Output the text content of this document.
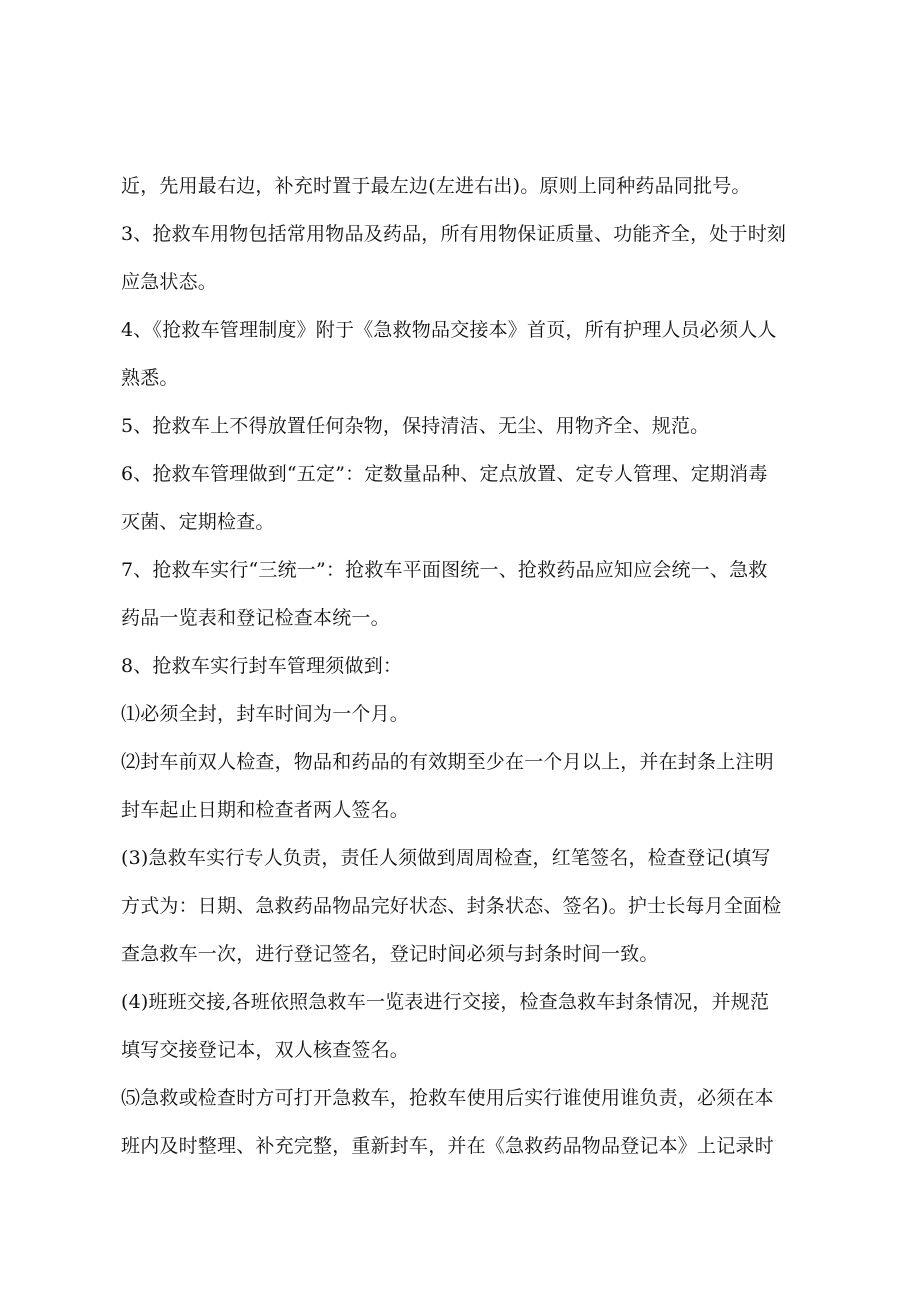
近，先用最右边，补充时置于最左边(左进右出)。原则上同种药品同批号。
3、抢救车用物包括常用物品及药品，所有用物保证质量、功能齐全，处于时刻
应急状态。
4、《抢救车管理制度》附于《急救物品交接本》首页，所有护理人员必须人人
熟悉。
5、抢救车上不得放置任何杂物，保持清洁、无尘、用物齐全、规范。
6、抢救车管理做到“五定”：定数量品种、定点放置、定专人管理、定期消毒
灭菌、定期检查。
7、抢救车实行“三统一”：抢救车平面图统一、抢救药品应知应会统一、急救
药品一览表和登记检查本统一。
8、抢救车实行封车管理须做到：
⑴必须全封，封车时间为一个月。
⑵封车前双人检查，物品和药品的有效期至少在一个月以上，并在封条上注明
封车起止日期和检查者两人签名。
(3)急救车实行专人负责，责任人须做到周周检查，红笔签名，检查登记(填写
方式为：日期、急救药品物品完好状态、封条状态、签名)。护士长每月全面检
查急救车一次，进行登记签名，登记时间必须与封条时间一致。
(4)班班交接,各班依照急救车一览表进行交接，检查急救车封条情况，并规范
填写交接登记本，双人核查签名。
⑸急救或检查时方可打开急救车，抢救车使用后实行谁使用谁负责，必须在本
班内及时整理、补充完整，重新封车，并在《急救药品物品登记本》上记录时
